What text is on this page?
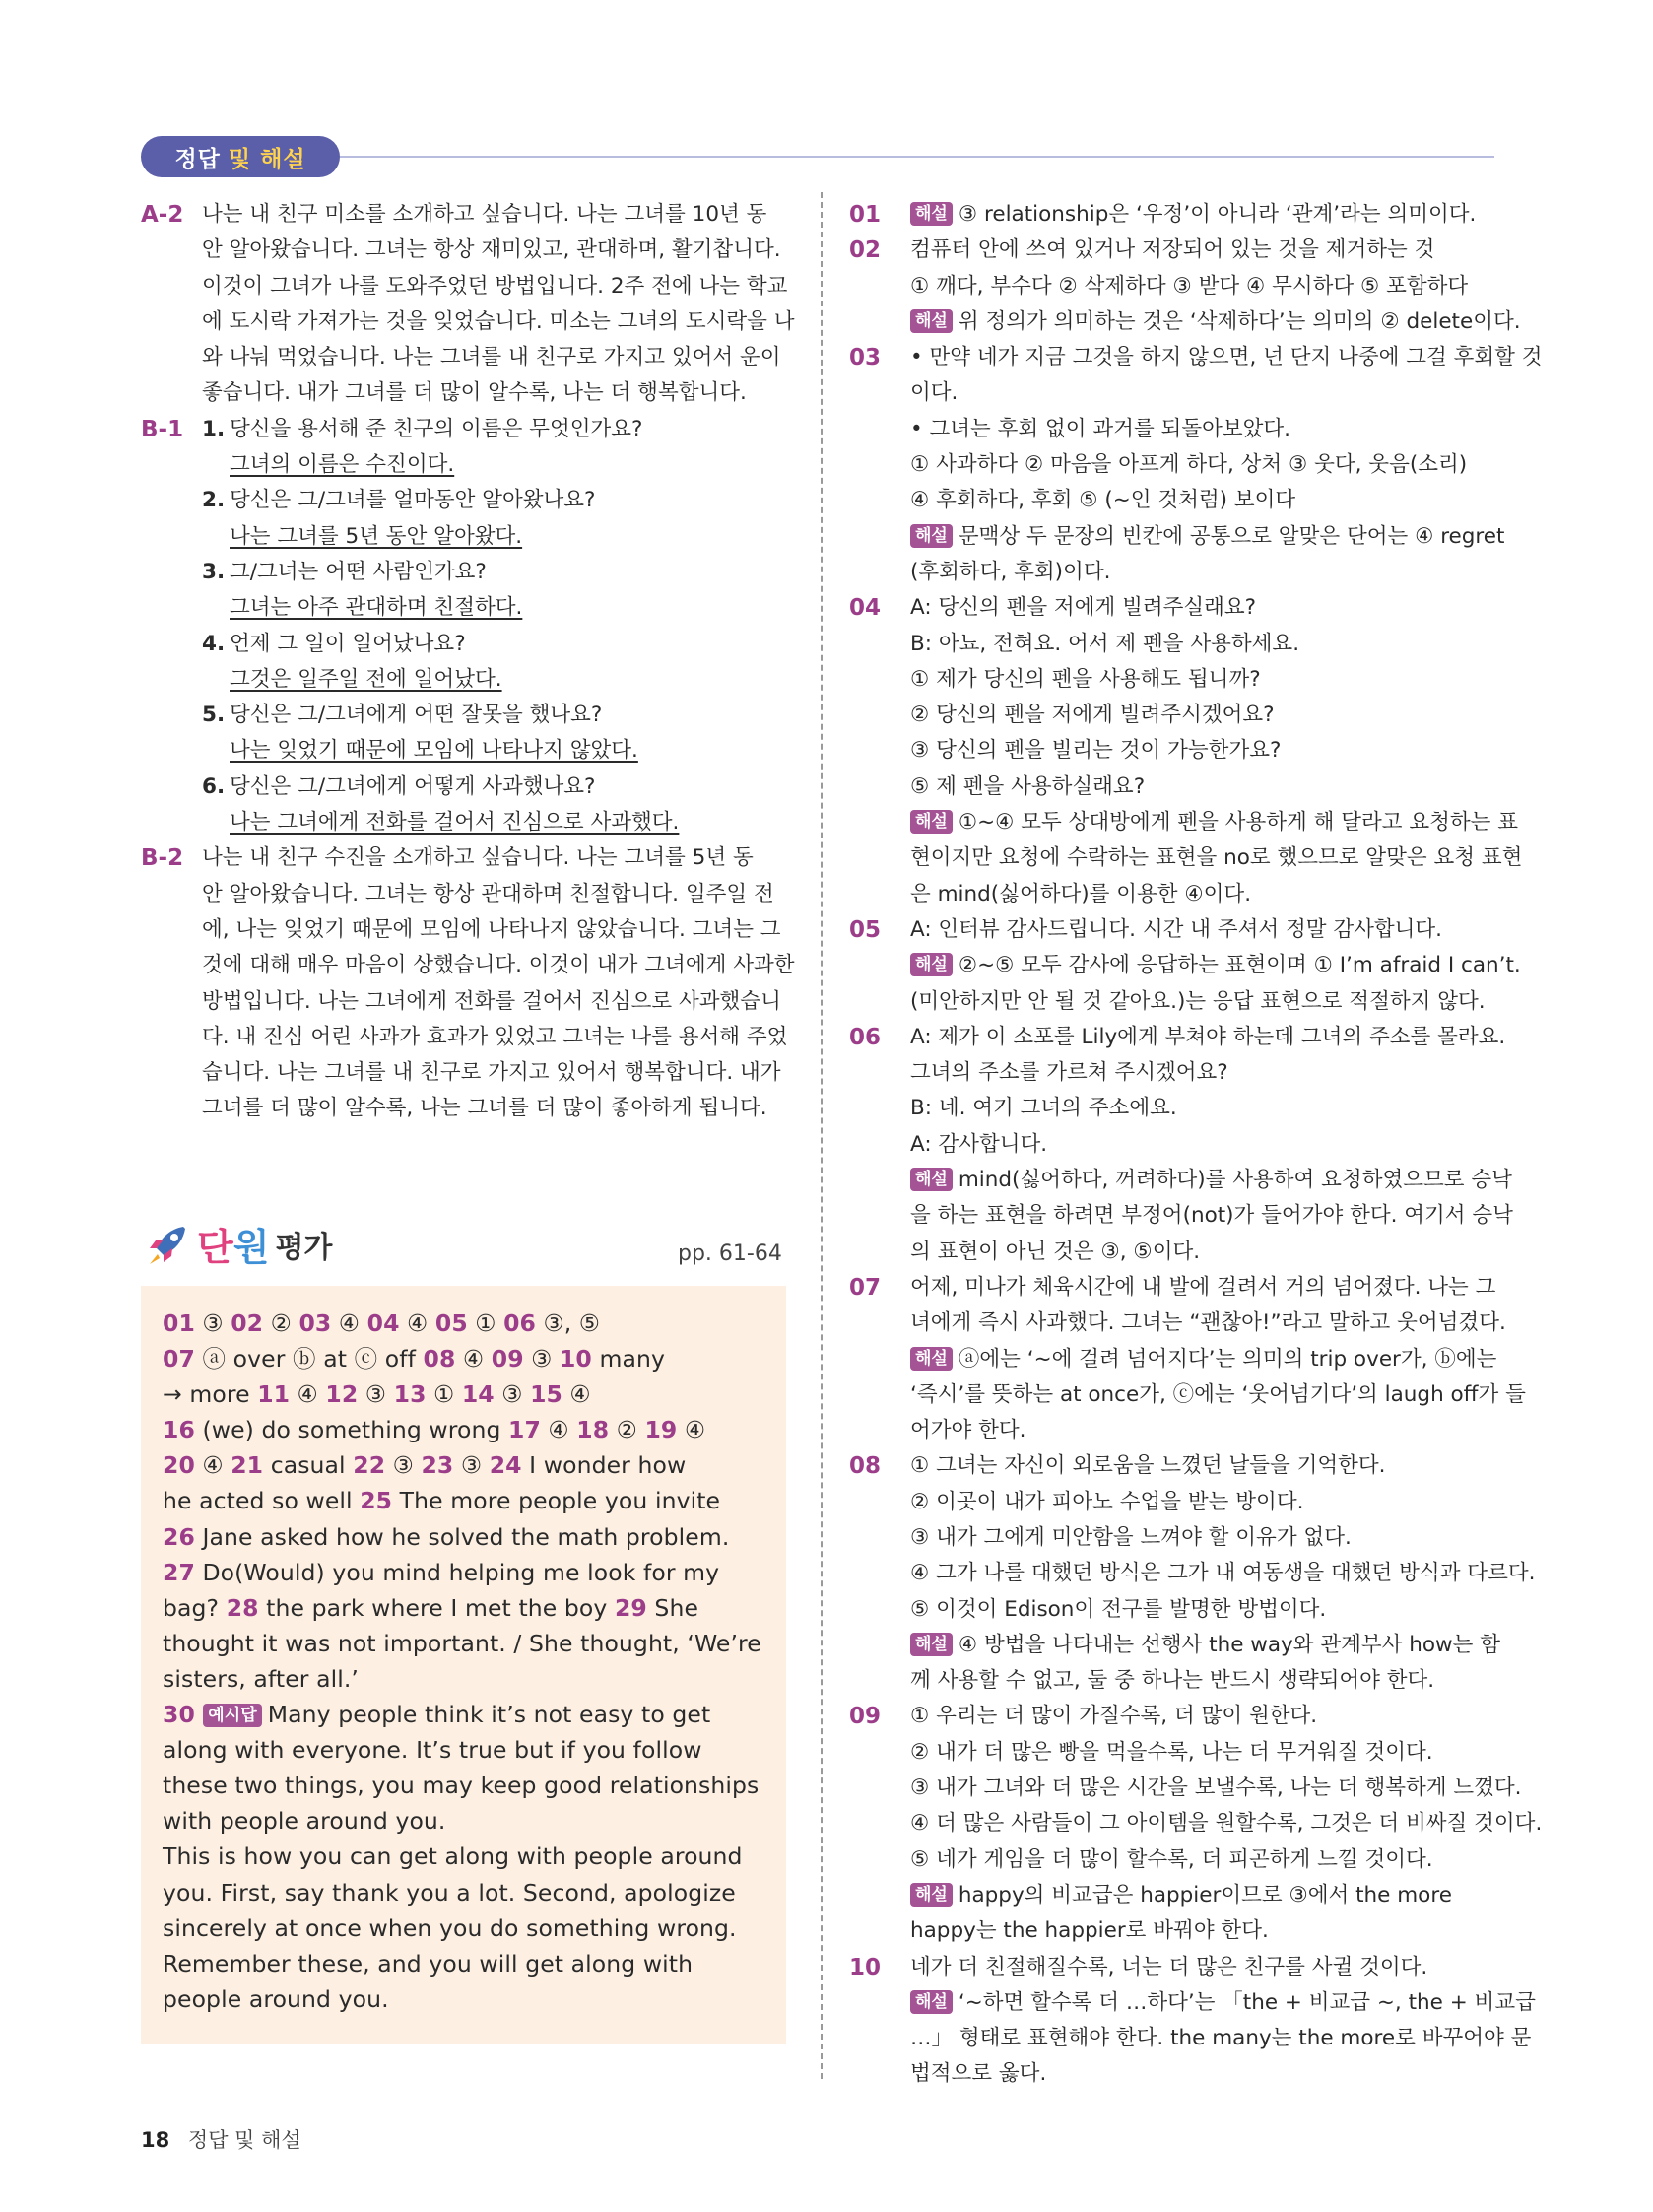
정답 및 해설
A-2 나는 내 친구 미소를 소개하고 싶습니다. 나는 그녀를 10년 동
안 알아왔습니다. 그녀는 항상 재미있고, 관대하며, 활기찹니다.
이것이 그녀가 나를 도와주었던 방법입니다. 2주 전에 나는 학교
에 도시락 가져가는 것을 잊었습니다. 미소는 그녀의 도시락을 나
와 나눠 먹었습니다. 나는 그녀를 내 친구로 가지고 있어서 운이
좋습니다. 내가 그녀를 더 많이 알수록, 나는 더 행복합니다.
B-1 1. 당신을 용서해 준 친구의 이름은 무엇인가요?
그녀의 이름은 수진이다.
2. 당신은 그/그녀를 얼마동안 알아왔나요?
나는 그녀를 5년 동안 알아왔다.
3. 그/그녀는 어떤 사람인가요?
그녀는 아주 관대하며 친절하다.
4. 언제 그 일이 일어났나요?
그것은 일주일 전에 일어났다.
5. 당신은 그/그녀에게 어떤 잘못을 했나요?
나는 잊었기 때문에 모임에 나타나지 않았다.
6. 당신은 그/그녀에게 어떻게 사과했나요?
나는 그녀에게 전화를 걸어서 진심으로 사과했다.
B-2 나는 내 친구 수진을 소개하고 싶습니다. 나는 그녀를 5년 동
안 알아왔습니다. 그녀는 항상 관대하며 친절합니다. 일주일 전
에, 나는 잊었기 때문에 모임에 나타나지 않았습니다. 그녀는 그
것에 대해 매우 마음이 상했습니다. 이것이 내가 그녀에게 사과한
방법입니다. 나는 그녀에게 전화를 걸어서 진심으로 사과했습니
다. 내 진심 어린 사과가 효과가 있었고 그녀는 나를 용서해 주었
습니다. 나는 그녀를 내 친구로 가지고 있어서 행복합니다. 내가
그녀를 더 많이 알수록, 나는 그녀를 더 많이 좋아하게 됩니다.
단원 평가	pp. 61-64
01 ③ 02 ② 03 ④ 04 ④ 05 ① 06 ③, ⑤
07 ⓐ over ⓑ at ⓒ off 08 ④ 09 ③ 10 many
→ more 11 ④ 12 ③ 13 ① 14 ③ 15 ④
16 (we) do something wrong 17 ④ 18 ② 19 ④
20 ④ 21 casual 22 ③ 23 ③ 24 I wonder how
he acted so well 25 The more people you invite
26 Jane asked how he solved the math problem.
27 Do(Would) you mind helping me look for my
bag? 28 the park where I met the boy 29 She
thought it was not important. / She thought, ‘We’re
sisters, after all.’
30 예시답 Many people think it’s not easy to get
along with everyone. It’s true but if you follow
these two things, you may keep good relationships
with people around you.
This is how you can get along with people around
you. First, say thank you a lot. Second, apologize
sincerely at once when you do something wrong.
Remember these, and you will get along with
people around you.
01 해설 ③ relationship은 ‘우정’이 아니라 ‘관계’라는 의미이다.
02 컴퓨터 안에 쓰여 있거나 저장되어 있는 것을 제거하는 것
① 깨다, 부수다 ② 삭제하다 ③ 받다 ④ 무시하다 ⑤ 포함하다
해설 위 정의가 의미하는 것은 ‘삭제하다’는 의미의 ② delete이다.
03 • 만약 네가 지금 그것을 하지 않으면, 넌 단지 나중에 그걸 후회할 것
이다.
• 그녀는 후회 없이 과거를 되돌아보았다.
① 사과하다 ② 마음을 아프게 하다, 상처 ③ 웃다, 웃음(소리)
④ 후회하다, 후회 ⑤ (~인 것처럼) 보이다
해설 문맥상 두 문장의 빈칸에 공통으로 알맞은 단어는 ④ regret
(후회하다, 후회)이다.
04 A: 당신의 펜을 저에게 빌려주실래요?
B: 아뇨, 전혀요. 어서 제 펜을 사용하세요.
① 제가 당신의 펜을 사용해도 됩니까?
② 당신의 펜을 저에게 빌려주시겠어요?
③ 당신의 펜을 빌리는 것이 가능한가요?
⑤ 제 펜을 사용하실래요?
해설 ①~④ 모두 상대방에게 펜을 사용하게 해 달라고 요청하는 표
현이지만 요청에 수락하는 표현을 no로 했으므로 알맞은 요청 표현
은 mind(싫어하다)를 이용한 ④이다.
05 A: 인터뷰 감사드립니다. 시간 내 주셔서 정말 감사합니다.
해설 ②~⑤ 모두 감사에 응답하는 표현이며 ① I’m afraid I can’t.
(미안하지만 안 될 것 같아요.)는 응답 표현으로 적절하지 않다.
06 A: 제가 이 소포를 Lily에게 부쳐야 하는데 그녀의 주소를 몰라요.
그녀의 주소를 가르쳐 주시겠어요?
B: 네. 여기 그녀의 주소에요.
A: 감사합니다.
해설 mind(싫어하다, 꺼려하다)를 사용하여 요청하였으므로 승낙
을 하는 표현을 하려면 부정어(not)가 들어가야 한다. 여기서 승낙
의 표현이 아닌 것은 ③, ⑤이다.
07 어제, 미나가 체육시간에 내 발에 걸려서 거의 넘어졌다. 나는 그
녀에게 즉시 사과했다. 그녀는 “괜찮아!”라고 말하고 웃어넘겼다.
해설 ⓐ에는 ‘~에 걸려 넘어지다’는 의미의 trip over가, ⓑ에는
‘즉시’를 뜻하는 at once가, ⓒ에는 ‘웃어넘기다’의 laugh off가 들
어가야 한다.
08 ① 그녀는 자신이 외로움을 느꼈던 날들을 기억한다.
② 이곳이 내가 피아노 수업을 받는 방이다.
③ 내가 그에게 미안함을 느껴야 할 이유가 없다.
④ 그가 나를 대했던 방식은 그가 내 여동생을 대했던 방식과 다르다.
⑤ 이것이 Edison이 전구를 발명한 방법이다.
해설 ④ 방법을 나타내는 선행사 the way와 관계부사 how는 함
께 사용할 수 없고, 둘 중 하나는 반드시 생략되어야 한다.
09 ① 우리는 더 많이 가질수록, 더 많이 원한다.
② 내가 더 많은 빵을 먹을수록, 나는 더 무거워질 것이다.
③ 내가 그녀와 더 많은 시간을 보낼수록, 나는 더 행복하게 느꼈다.
④ 더 많은 사람들이 그 아이템을 원할수록, 그것은 더 비싸질 것이다.
⑤ 네가 게임을 더 많이 할수록, 더 피곤하게 느낄 것이다.
해설 happy의 비교급은 happier이므로 ③에서 the more
happy는 the happier로 바꿔야 한다.
10 네가 더 친절해질수록, 너는 더 많은 친구를 사귈 것이다.
해설 ‘~하면 할수록 더 …하다’는 「the + 비교급 ~, the + 비교급
…」 형태로 표현해야 한다. the many는 the more로 바꾸어야 문
법적으로 옳다.
18 정답 및 해설
